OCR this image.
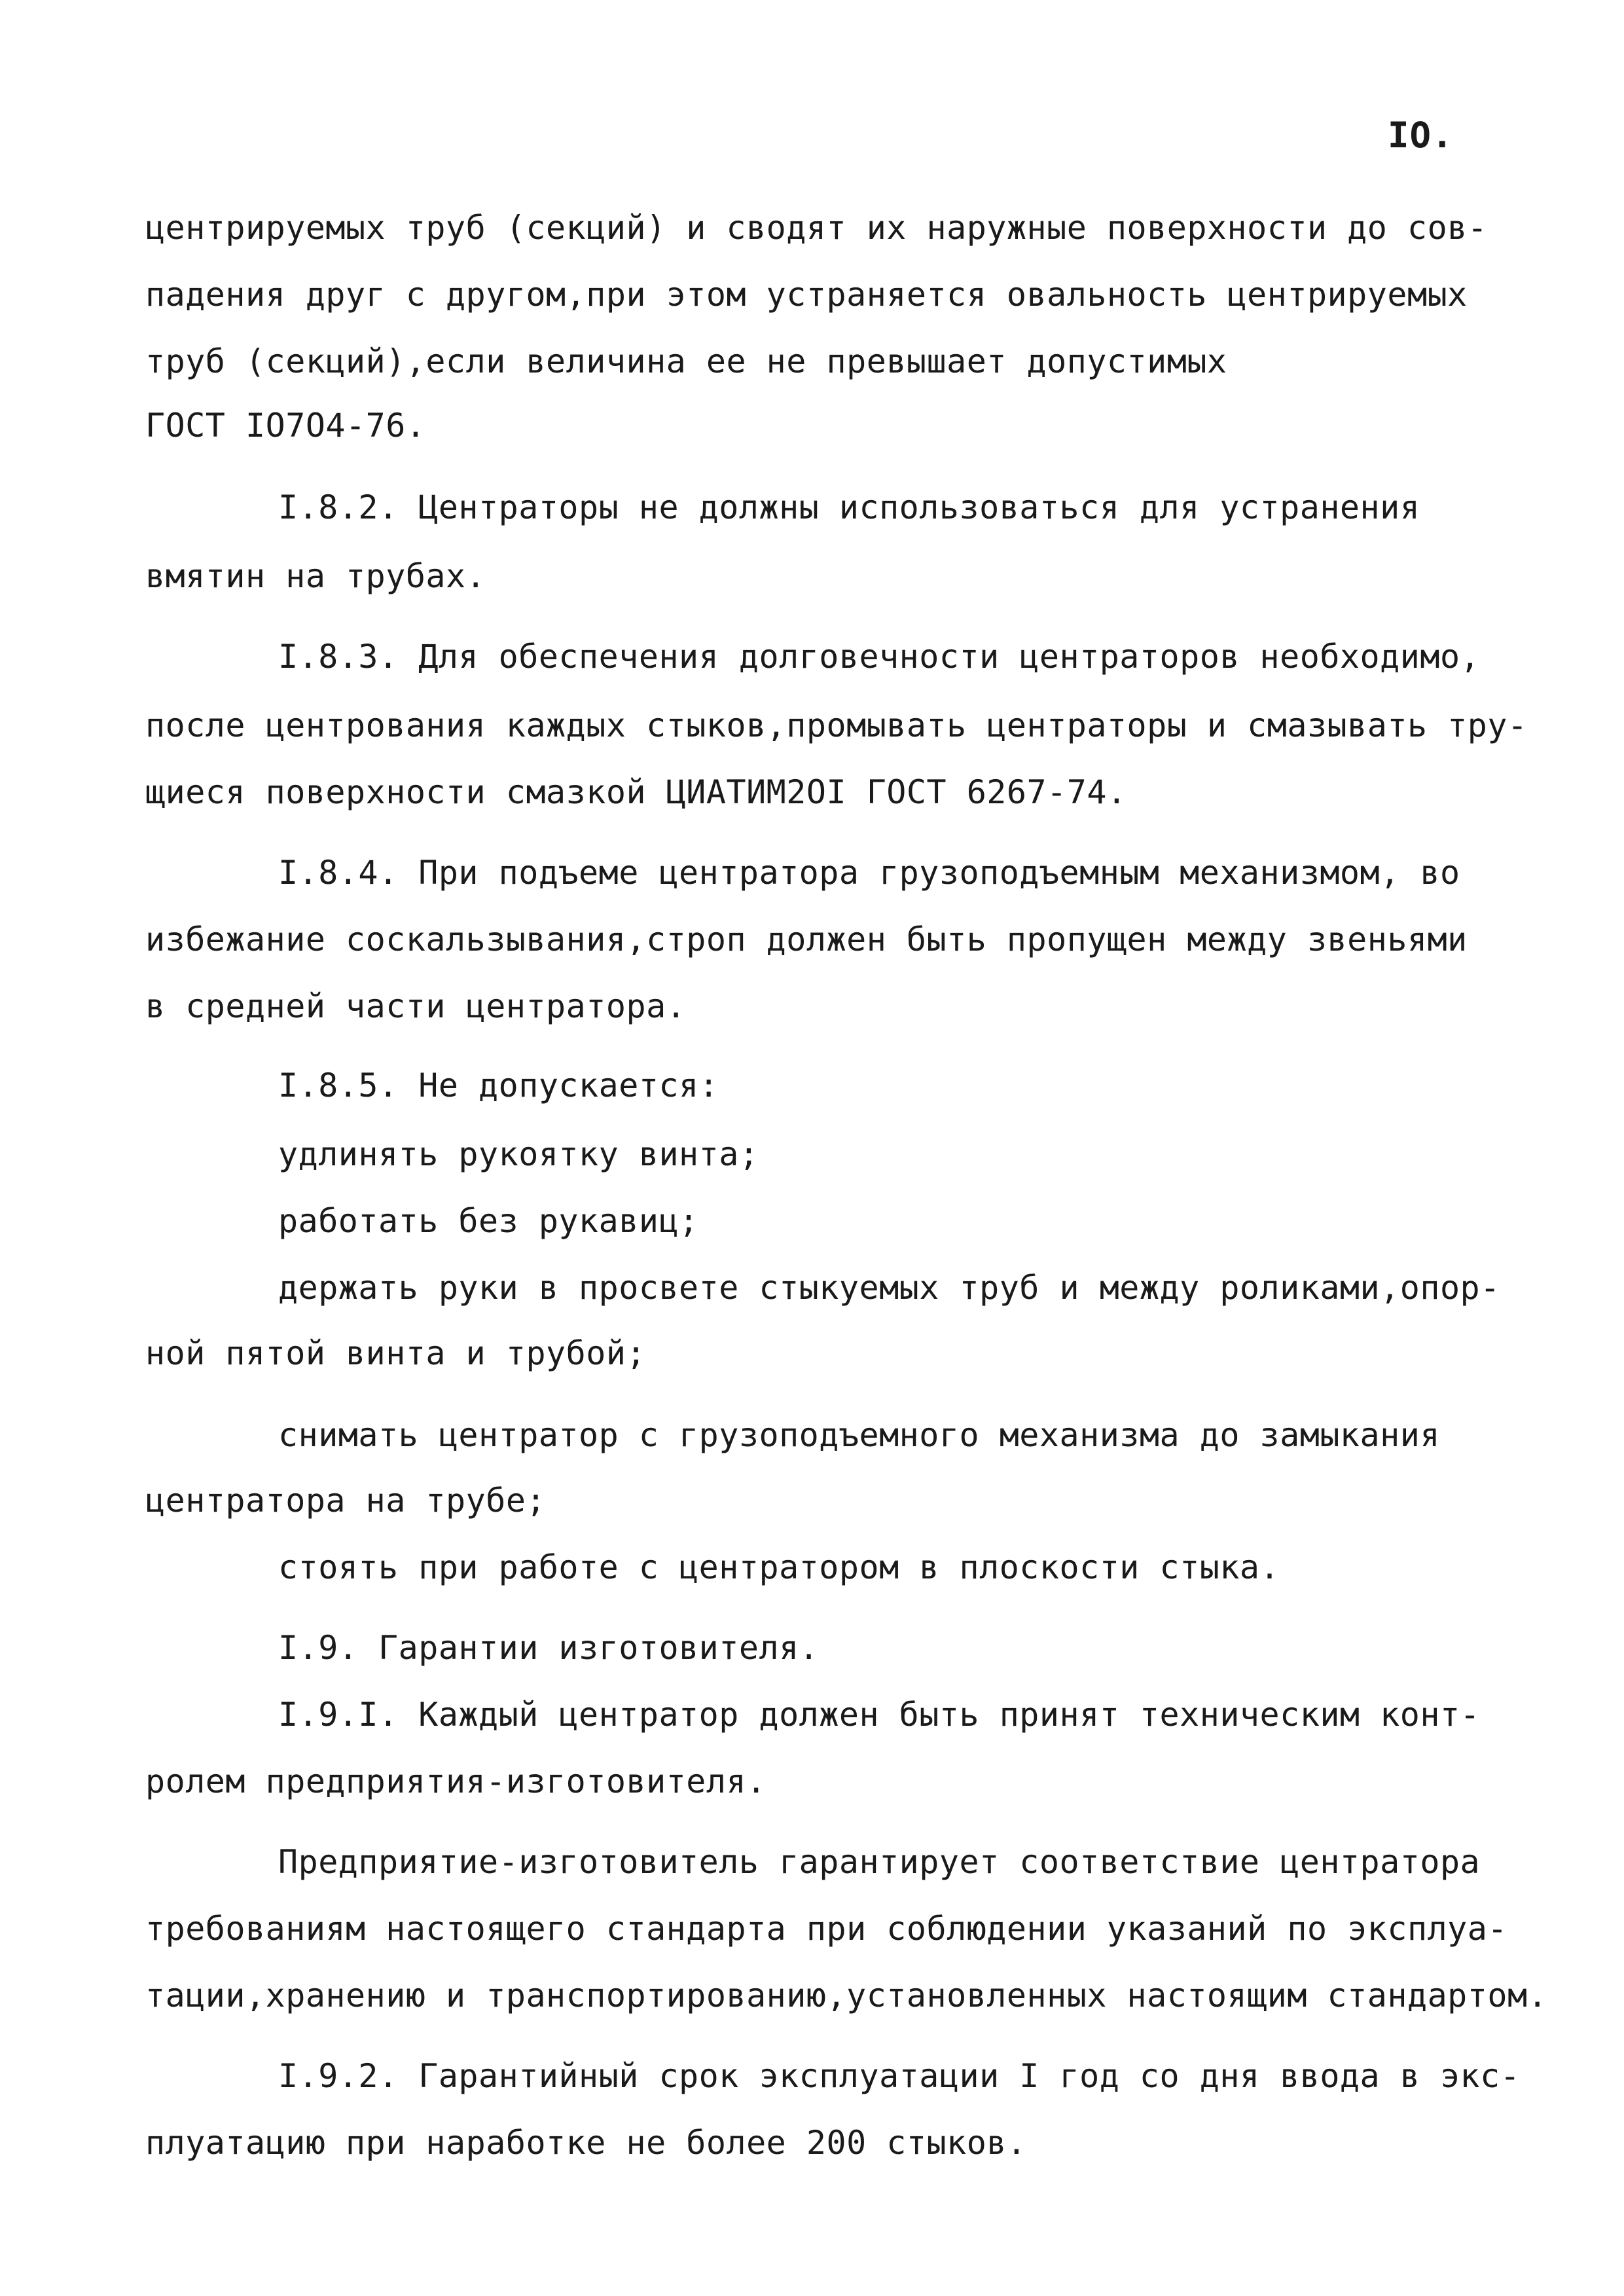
IO.
центрируемых труб (секций) и сводят их наружные поверхности до сов-
падения друг с другом,при этом устраняется овальность центрируемых
труб (секций),если величина ее не превышает допустимых
ГОСТ IO7O4-76.
I.8.2. Центраторы не должны использоваться для устранения
вмятин на трубах.
I.8.3. Для обеспечения долговечности центраторов необходимо,
после центрования каждых стыков,промывать центраторы и смазывать тру-
щиеся поверхности смазкой ЦИАТИМ2OI ГОСТ 6267-74.
I.8.4. При подъеме центратора грузоподъемным механизмом, во
избежание соскальзывания,строп должен быть пропущен между звеньями
в средней части центратора.
I.8.5. Не допускается:
удлинять рукоятку винта;
работать без рукавиц;
держать руки в просвете стыкуемых труб и между роликами,опор-
ной пятой винта и трубой;
снимать центратор с грузоподъемного механизма до замыкания
центратора на трубе;
стоять при работе с центратором в плоскости стыка.
I.9. Гарантии изготовителя.
I.9.I. Каждый центратор должен быть принят техническим конт-
ролем предприятия-изготовителя.
Предприятие-изготовитель гарантирует соответствие центратора
требованиям настоящего стандарта при соблюдении указаний по эксплуа-
тации,хранению и транспортированию,установленных настоящим стандартом.
I.9.2. Гарантийный срок эксплуатации I год со дня ввода в экс-
плуатацию при наработке не более 200 стыков.
